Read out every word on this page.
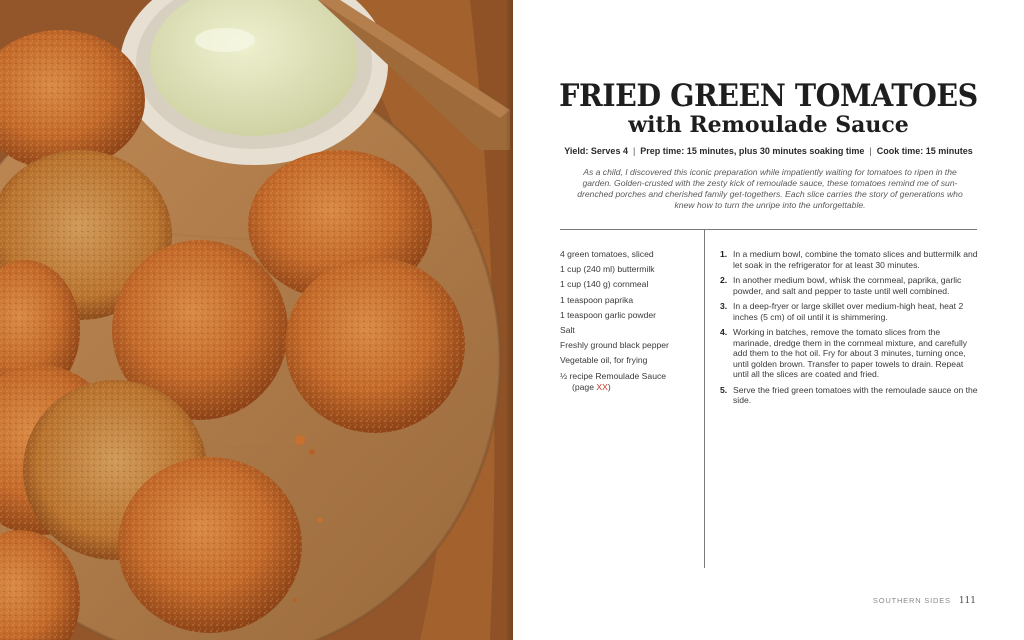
FRIED GREEN TOMATOES
with Remoulade Sauce
Yield: Serves 4 | Prep time: 15 minutes, plus 30 minutes soaking time | Cook time: 15 minutes
As a child, I discovered this iconic preparation while impatiently waiting for tomatoes to ripen in the garden. Golden-crusted with the zesty kick of remoulade sauce, these tomatoes remind me of sun-drenched porches and cherished family get-togethers. Each slice carries the story of generations who knew how to turn the unripe into the unforgettable.
4 green tomatoes, sliced
1 cup (240 ml) buttermilk
1 cup (140 g) cornmeal
1 teaspoon paprika
1 teaspoon garlic powder
Salt
Freshly ground black pepper
Vegetable oil, for frying
½ recipe Remoulade Sauce
(page XX)
1. In a medium bowl, combine the tomato slices and buttermilk and let soak in the refrigerator for at least 30 minutes.
2. In another medium bowl, whisk the cornmeal, paprika, garlic powder, and salt and pepper to taste until well combined.
3. In a deep-fryer or large skillet over medium-high heat, heat 2 inches (5 cm) of oil until it is shimmering.
4. Working in batches, remove the tomato slices from the marinade, dredge them in the cornmeal mixture, and carefully add them to the hot oil. Fry for about 3 minutes, turning once, until golden brown. Transfer to paper towels to drain. Repeat until all the slices are coated and fried.
5. Serve the fried green tomatoes with the remoulade sauce on the side.
SOUTHERN SIDES 111
